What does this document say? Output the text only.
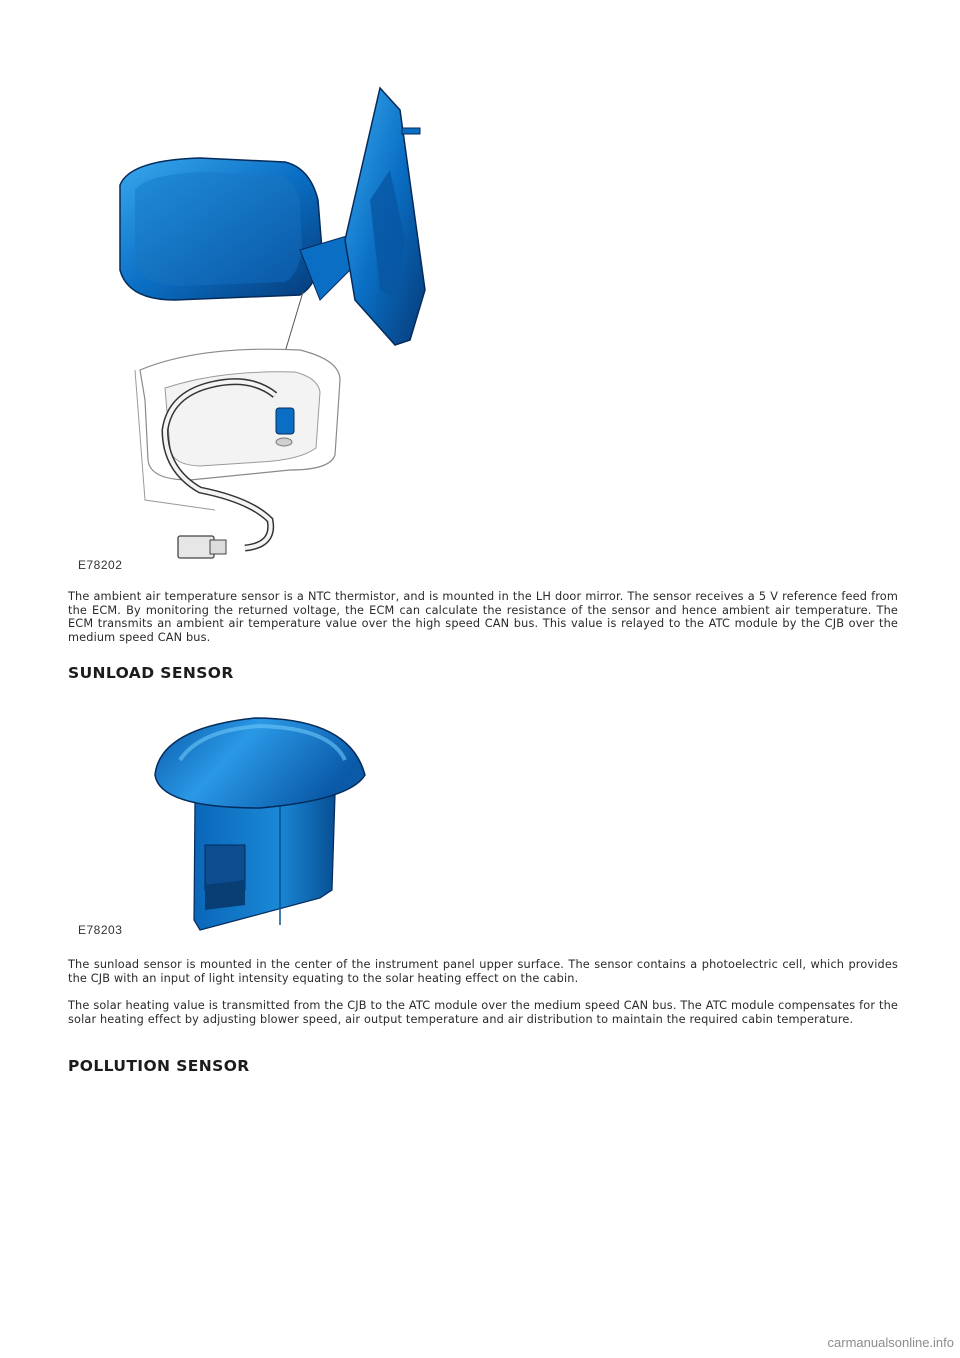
E78202
The ambient air temperature sensor is a NTC thermistor, and is mounted in the LH door mirror. The sensor receives a 5 V reference feed from the ECM. By monitoring the returned voltage, the ECM can calculate the resistance of the sensor and hence ambient air temperature. The ECM transmits an ambient air temperature value over the high speed CAN bus. This value is relayed to the ATC module by the CJB over the medium speed CAN bus.
SUNLOAD SENSOR
E78203
The sunload sensor is mounted in the center of the instrument panel upper surface. The sensor contains a photoelectric cell, which provides the CJB with an input of light intensity equating to the solar heating effect on the cabin.
The solar heating value is transmitted from the CJB to the ATC module over the medium speed CAN bus. The ATC module compensates for the solar heating effect by adjusting blower speed, air output temperature and air distribution to maintain the required cabin temperature.
POLLUTION SENSOR
carmanualsonline.info
